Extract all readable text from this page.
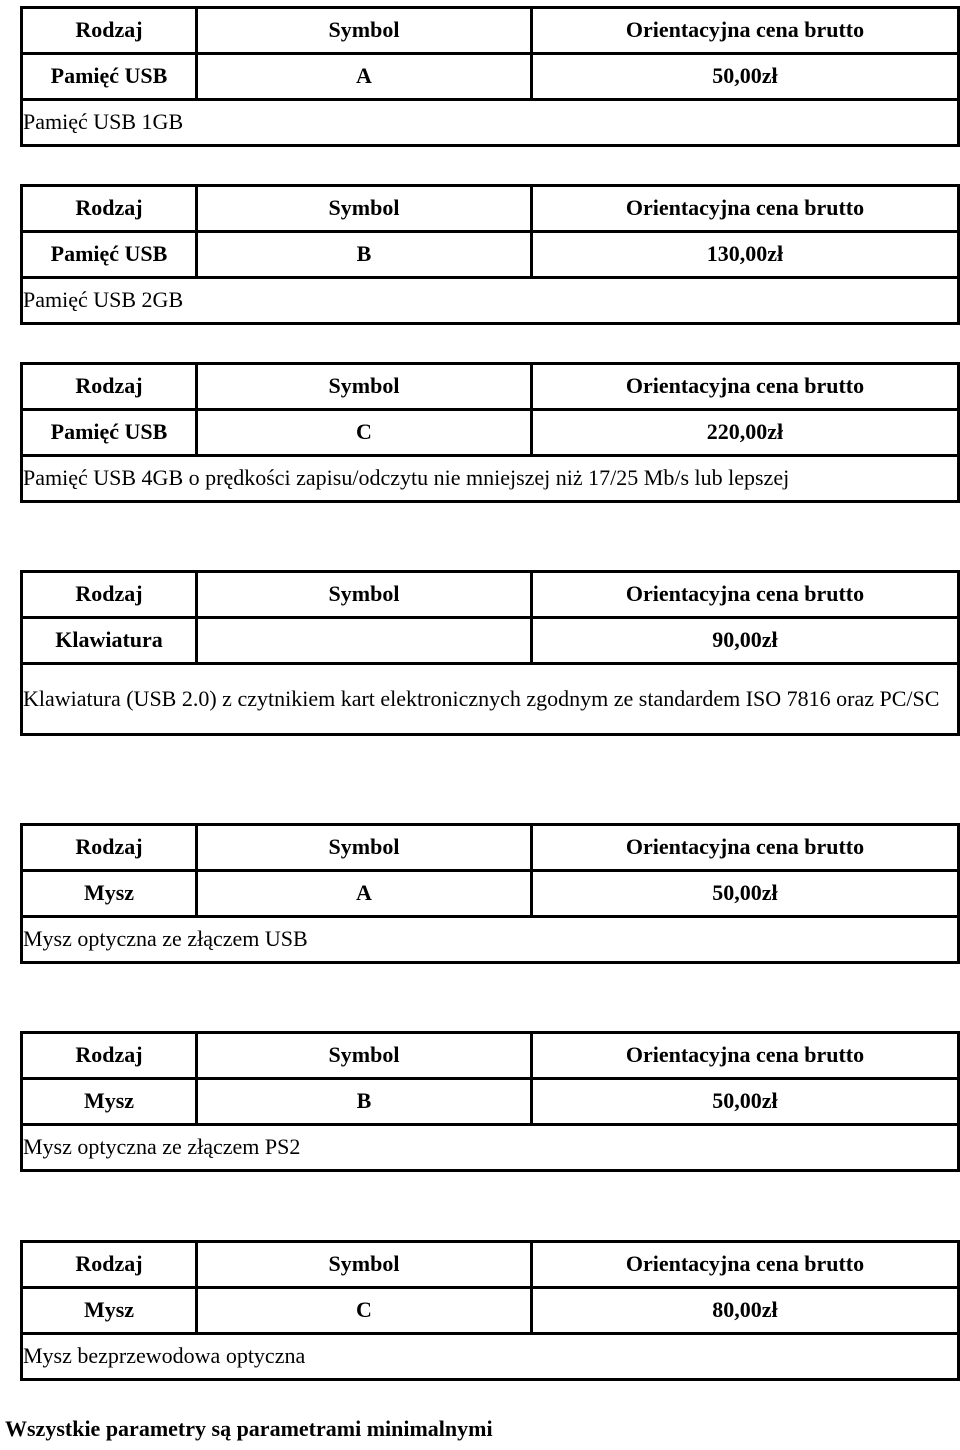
Rodzaj	Symbol	Orientacyjna cena brutto
Pamięć USB	A	50,00zł
Pamięć USB 1GB		
Rodzaj	Symbol	Orientacyjna cena brutto
Pamięć USB	B	130,00zł
Pamięć USB 2GB		
Rodzaj	Symbol	Orientacyjna cena brutto
Pamięć USB	C	220,00zł
Pamięć USB 4GB o prędkości zapisu/odczytu nie mniejszej niż 17/25 Mb/s lub lepszej		
Rodzaj	Symbol	Orientacyjna cena brutto
Klawiatura		90,00zł
Klawiatura (USB 2.0) z czytnikiem kart elektronicznych zgodnym ze standardem ISO 7816 oraz PC/SC		
Rodzaj	Symbol	Orientacyjna cena brutto
Mysz	A	50,00zł
Mysz optyczna ze złączem USB		
Rodzaj	Symbol	Orientacyjna cena brutto
Mysz	B	50,00zł
Mysz optyczna ze złączem PS2		
Rodzaj	Symbol	Orientacyjna cena brutto
Mysz	C	80,00zł
Mysz bezprzewodowa optyczna		
Wszystkie parametry są parametrami minimalnymi
